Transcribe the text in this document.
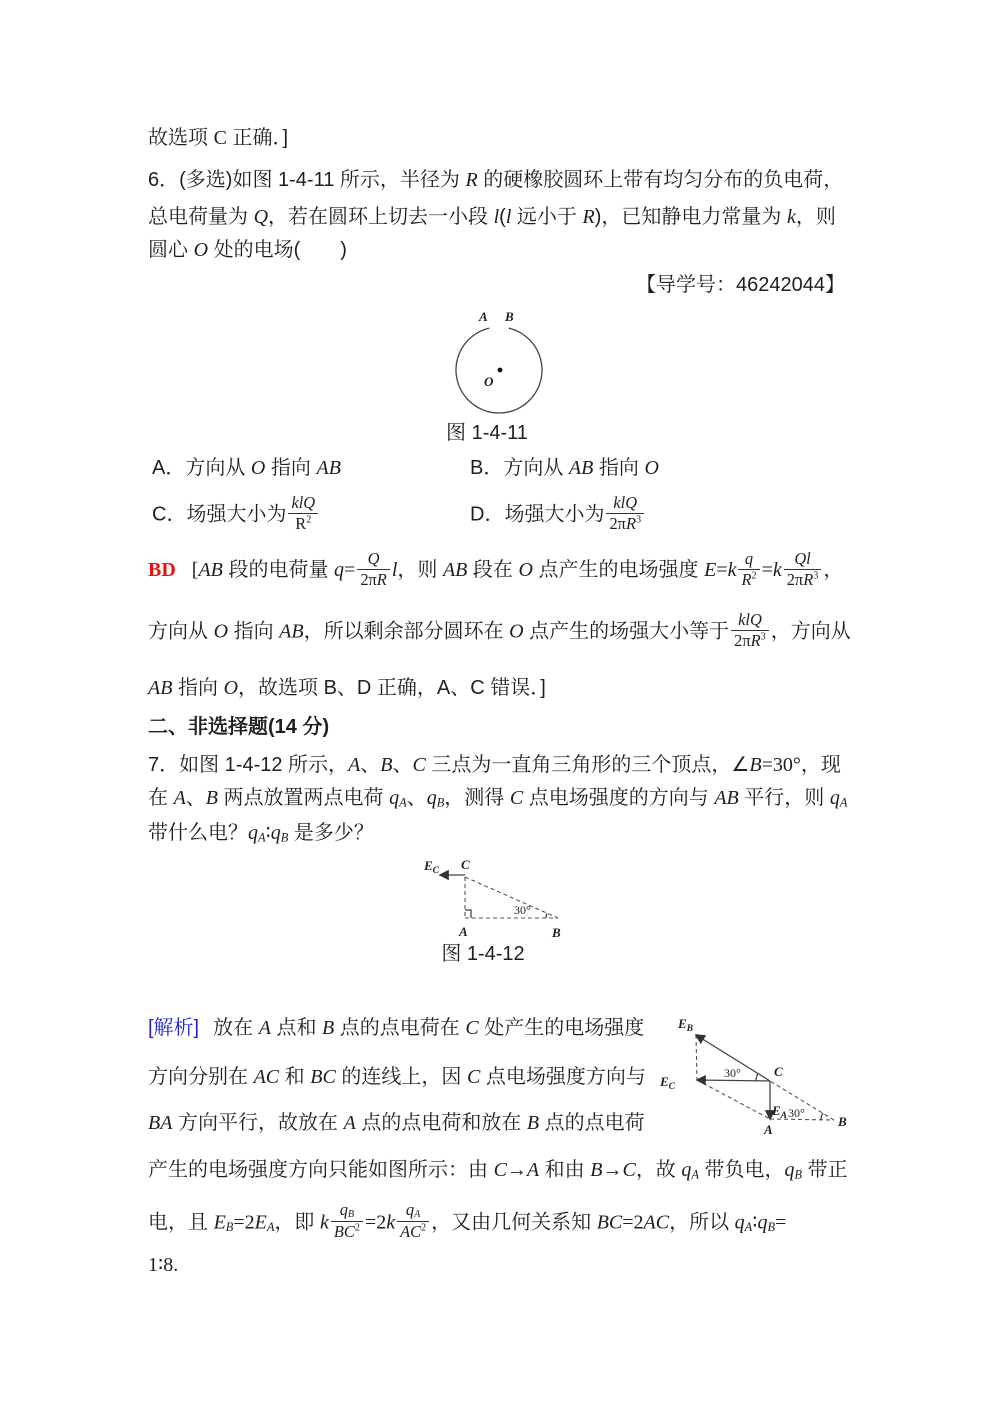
故选项 C 正确．]
6．(多选)如图 1-4-11 所示，半径为 R 的硬橡胶圆环上带有均匀分布的负电荷，
总电荷量为 Q，若在圆环上切去一小段 l(l 远小于 R)，已知静电力常量为 k，则
圆心 O 处的电场(　　)
【导学号：46242044】
A B
O
图 1-4-11
A．方向从 O 指向 AB	B．方向从 AB 指向 O
C．场强大小为 $\frac{\text{klQ}}{R^2}$	D．场强大小为 $\frac{\text{klQ}}{2\pi R^3}$
BD [AB 段的电荷量 $q= \frac{Q}{2\pi R}$ l，则 AB 段在 O 点产生的电场强度 $E=k \frac{q}{R^2} =k \frac{Ql}{2\pi R^3}$ ，
方向从 O 指向 AB，所以剩余部分圆环在 O 点产生的场强大小等于 $\frac{\text{klQ}}{2\pi R^3}$ ，方向从
AB 指向 O，故选项 B、D 正确，A、C 错误．]
二、非选择题(14 分)
7．如图 1-4-12 所示，A、B、C 三点为一直角三角形的三个顶点，∠B=30°，现
在 A、B 两点放置两点电荷 qA、qB，测得 C 点电场强度的方向与 AB 平行，则 qA
带什么电？qA∶qB 是多少？
$E_C$ C
A	B
30°
图 1-4-12
[解析] 放在 A 点和 B 点的点电荷在 C 处产生的电场强度
方向分别在 AC 和 BC 的连线上，因 C 点电场强度方向与
BA 方向平行，故放在 A 点的点电荷和放在 B 点的点电荷
产生的电场强度方向只能如图所示：由 C→A 和由 B→C，故 qA 带负电，qB 带正
电，且 EB=2EA，即 k $\frac{qB}{BC^2} =2k \frac{qA}{AC^2}$ ，又由几何关系知 BC=2AC，所以 qA∶qB=
1∶8.
$E_B$
$E_C$
$E_A$
C
A
B
30°
30°
